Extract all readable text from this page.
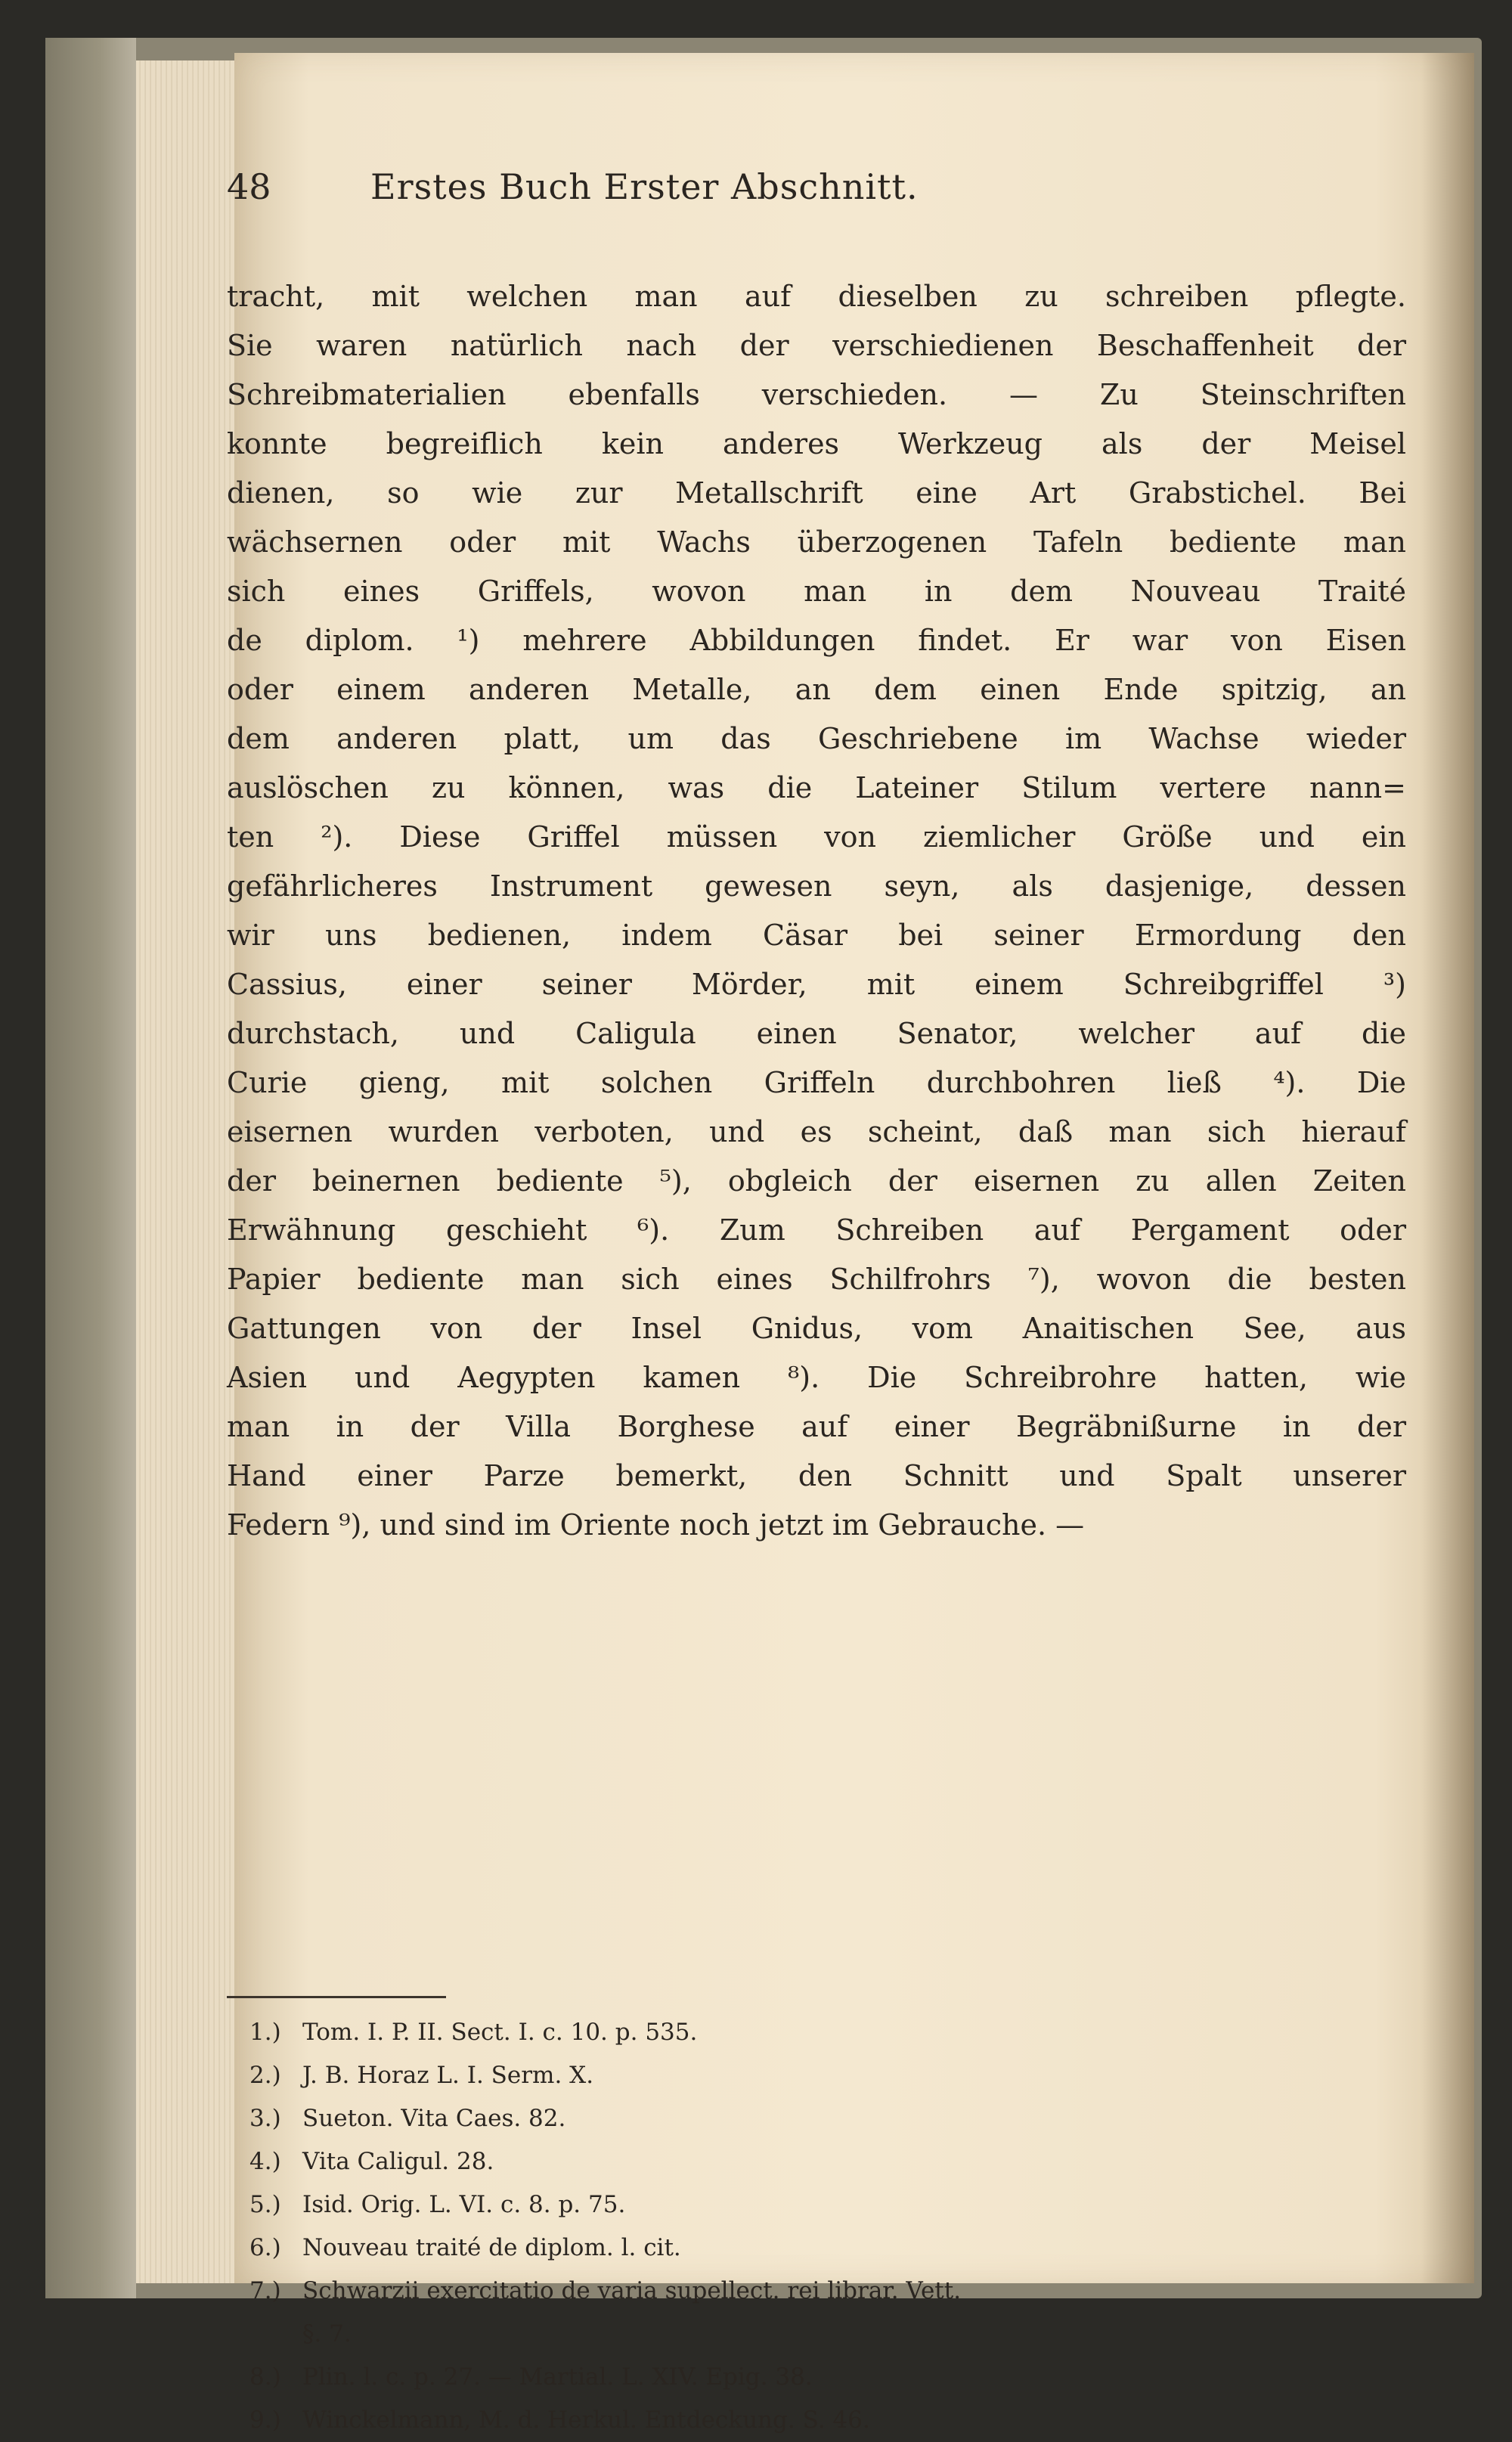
48	Erstes Buch Erster Abschnitt.
tracht, mit welchen man auf dieselben zu schreiben pflegte.
Sie waren natürlich nach der verschiedienen Beschaffenheit der
Schreibmaterialien ebenfalls verschieden. — Zu Steinschriften
konnte begreiflich kein anderes Werkzeug als der Meisel
dienen, so wie zur Metallschrift eine Art Grabstichel. Bei
wächsernen oder mit Wachs überzogenen Tafeln bediente man
sich eines Griffels, wovon man in dem Nouveau Traité
de diplom. ¹) mehrere Abbildungen findet. Er war von Eisen
oder einem anderen Metalle, an dem einen Ende spitzig, an
dem anderen platt, um das Geschriebene im Wachse wieder
auslöschen zu können, was die Lateiner Stilum vertere nann=
ten ²). Diese Griffel müssen von ziemlicher Größe und ein
gefährlicheres Instrument gewesen seyn, als dasjenige, dessen
wir uns bedienen, indem Cäsar bei seiner Ermordung den
Cassius, einer seiner Mörder, mit einem Schreibgriffel ³)
durchstach, und Caligula einen Senator, welcher auf die
Curie gieng, mit solchen Griffeln durchbohren ließ ⁴). Die
eisernen wurden verboten, und es scheint, daß man sich hierauf
der beinernen bediente ⁵), obgleich der eisernen zu allen Zeiten
Erwähnung geschieht ⁶). Zum Schreiben auf Pergament oder
Papier bediente man sich eines Schilfrohrs ⁷), wovon die besten
Gattungen von der Insel Gnidus, vom Anaitischen See, aus
Asien und Aegypten kamen ⁸). Die Schreibrohre hatten, wie
man in der Villa Borghese auf einer Begräbnißurne in der
Hand einer Parze bemerkt, den Schnitt und Spalt unserer
Federn ⁹), und sind im Oriente noch jetzt im Gebrauche. —
1.) Tom. I. P. II. Sect. I. c. 10. p. 535.
2.) J. B. Horaz L. I. Serm. X.
3.) Sueton. Vita Caes. 82.
4.) Vita Caligul. 28.
5.) Isid. Orig. L. VI. c. 8. p. 75.
6.) Nouveau traité de diplom. l. cit.
7.) Schwarzii exercitatio de varia supellect. rei librar. Vett.
§. 7.
8.) Plin. l. c. p. 27. — Martial. L. XIV. Epig. 38.
9.) Winckelmann, M. d. Herkul. Entdeckung. S. 46.
